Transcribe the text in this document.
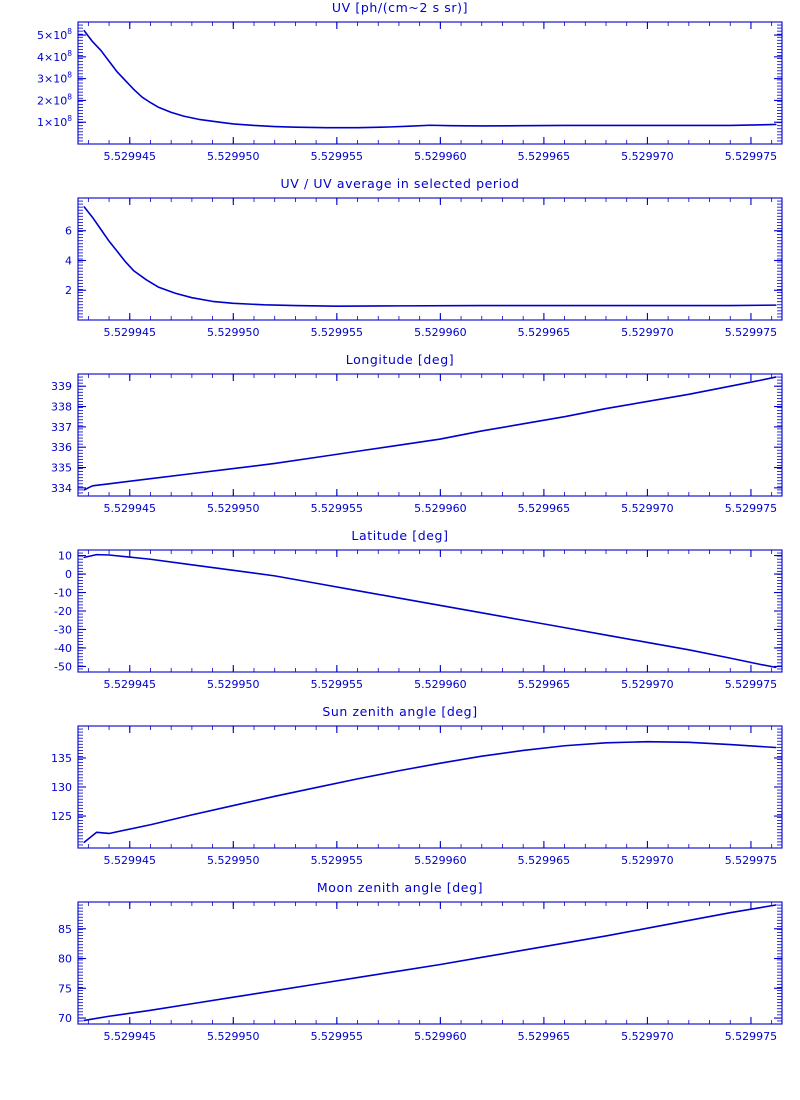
UV [ph/(cm~2 s sr)]
5.529945	5.529950	5.529955	5.529960	5.529965	5.529970	5.529975
$1\times 10^8$
$2\times 10^8$
$3\times 10^8$
$4\times 10^8$
$5\times 10^8$
UV / UV average in selected period
5.529945	5.529950	5.529955	5.529960	5.529965	5.529970	5.529975
2
4
6
Longitude [deg]
5.529945	5.529950	5.529955	5.529960	5.529965	5.529970	5.529975
334
335
336
337
338
339
Latitude [deg]
5.529945	5.529950	5.529955	5.529960	5.529965	5.529970	5.529975
10
0
-10
-20
-30
-40
-50
Sun zenith angle [deg]
5.529945	5.529950	5.529955	5.529960	5.529965	5.529970	5.529975
125
130
135
Moon zenith angle [deg]
5.529945	5.529950	5.529955	5.529960	5.529965	5.529970	5.529975
70
75
80
85
